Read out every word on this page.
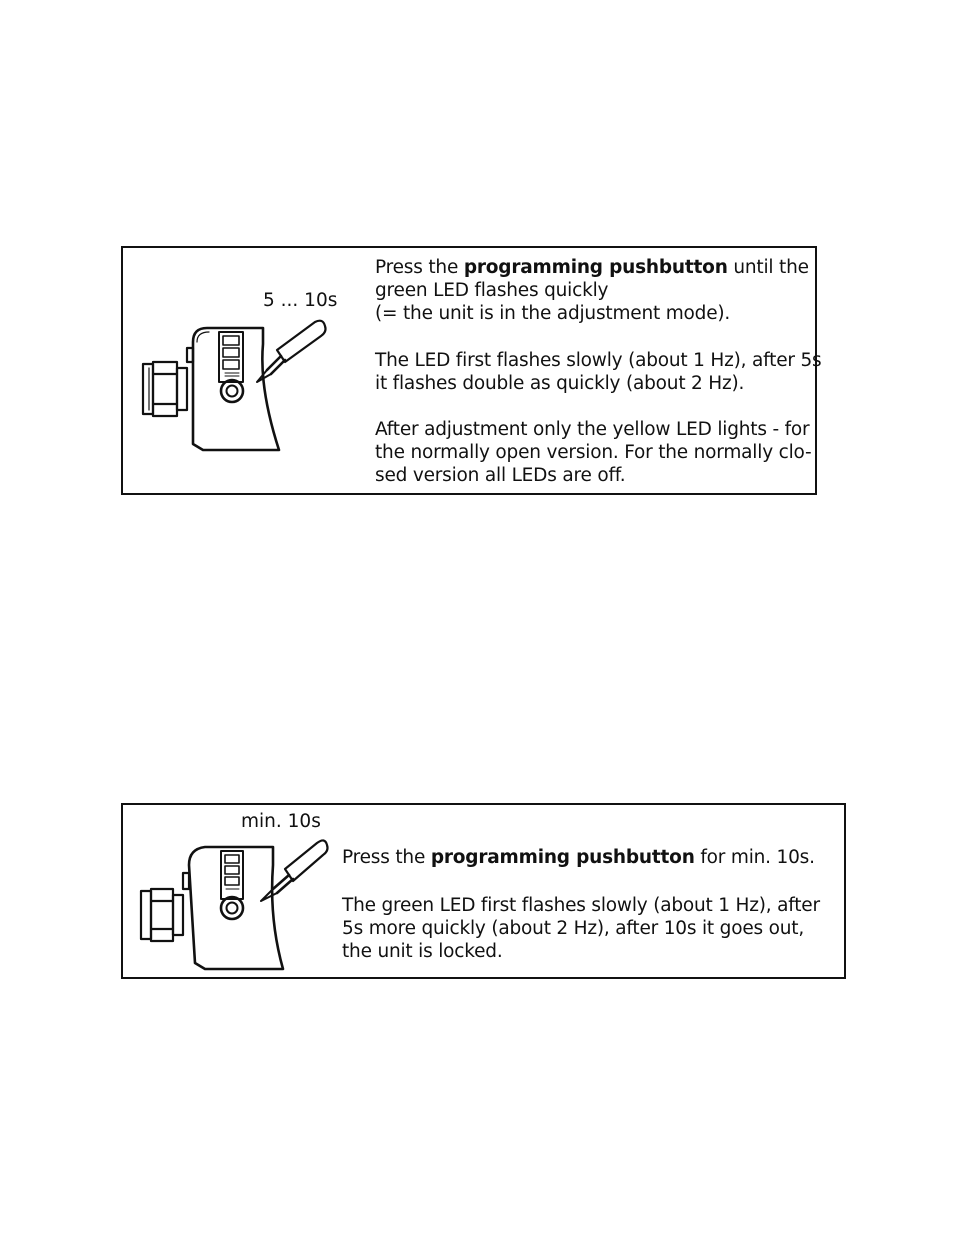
5 ... 10s

Press the programming pushbutton until the
green LED flashes quickly
(= the unit is in the adjustment mode).

The LED first flashes slowly (about 1 Hz), after 5s
it flashes double as quickly (about 2 Hz).

After adjustment only the yellow LED lights - for
the normally open version. For the normally clo-
sed version all LEDs are off.

min. 10s

Press the programming pushbutton for min. 10s.

The green LED first flashes slowly (about 1 Hz), after
5s more quickly (about 2 Hz), after 10s it goes out,
the unit is locked.
